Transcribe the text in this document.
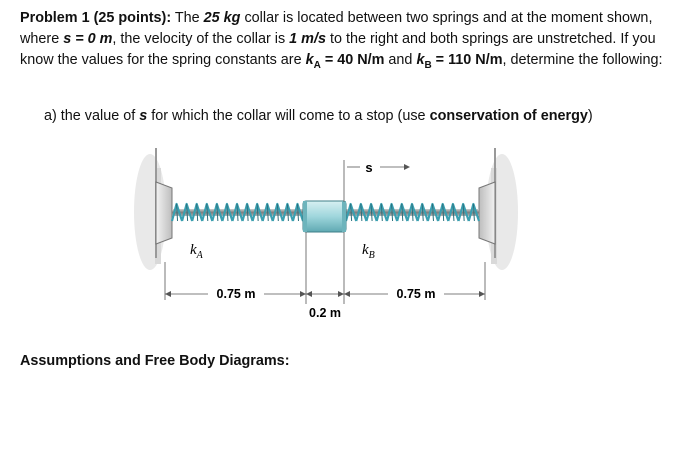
Problem 1 (25 points): The 25 kg collar is located between two springs and at the moment shown, where s = 0 m, the velocity of the collar is 1 m/s to the right and both springs are unstretched. If you know the values for the spring constants are $k_A = 40$ N/m and $k_B = 110$ N/m, determine the following:
a) the value of s for which the collar will come to a stop (use conservation of energy)
s
$k_A$	$k_B$
0.75 m	0.75 m
0.2 m
Assumptions and Free Body Diagrams:
